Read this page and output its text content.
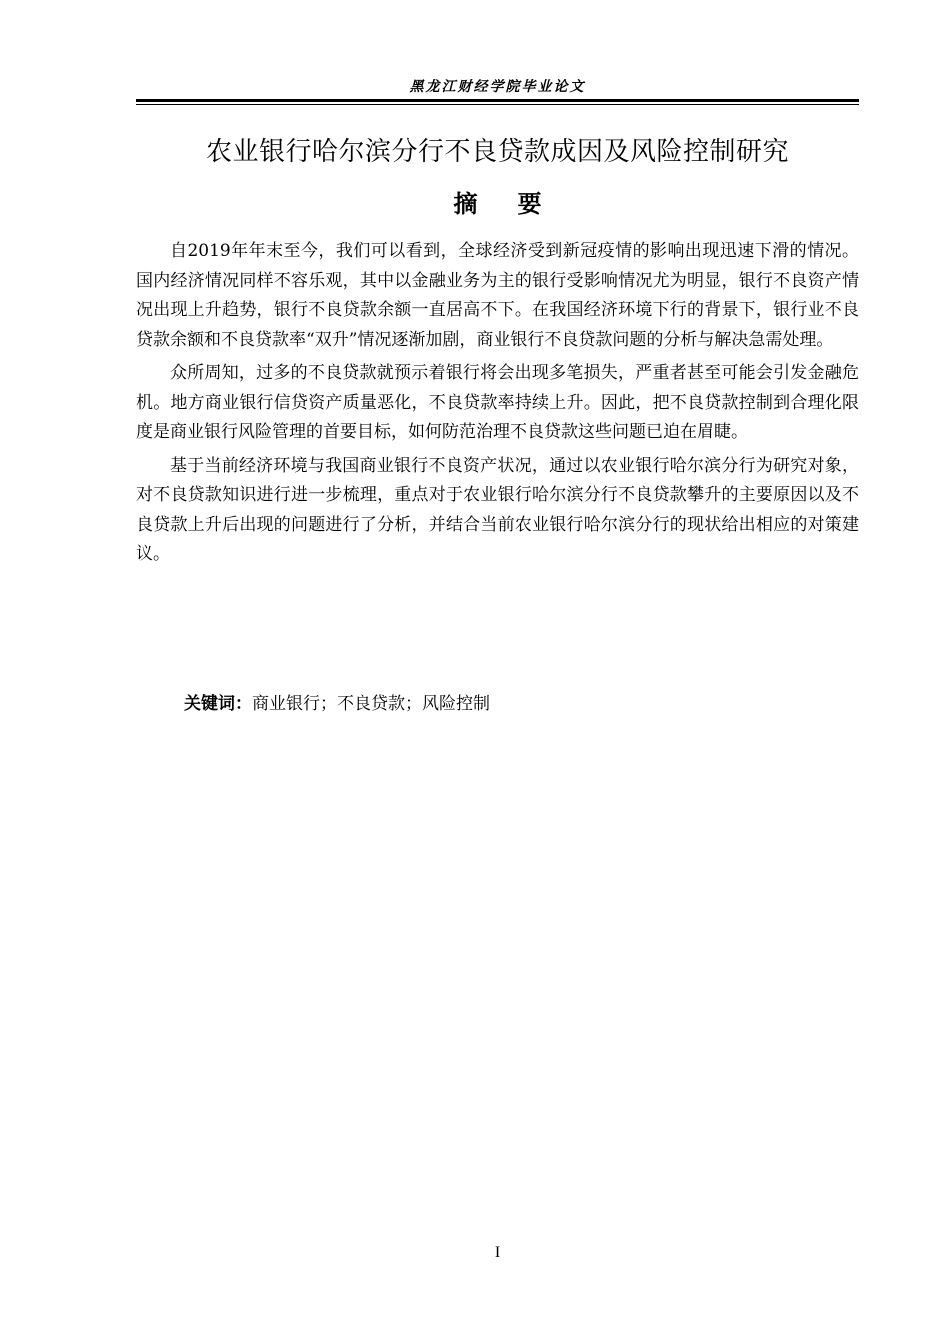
黑龙江财经学院毕业论文
农业银行哈尔滨分行不良贷款成因及风险控制研究
摘要

自2019年年末至今，我们可以看到，全球经济受到新冠疫情的影响出现迅速下滑的情况。国内经济情况同样不容乐观，其中以金融业务为主的银行受影响情况尤为明显，银行不良资产情况出现上升趋势，银行不良贷款余额一直居高不下。在我国经济环境下行的背景下，银行业不良贷款余额和不良贷款率“双升”情况逐渐加剧，商业银行不良贷款问题的分析与解决急需处理。

众所周知，过多的不良贷款就预示着银行将会出现多笔损失，严重者甚至可能会引发金融危机。地方商业银行信贷资产质量恶化，不良贷款率持续上升。因此，把不良贷款控制到合理化限度是商业银行风险管理的首要目标，如何防范治理不良贷款这些问题已迫在眉睫。

基于当前经济环境与我国商业银行不良资产状况，通过以农业银行哈尔滨分行为研究对象，对不良贷款知识进行进一步梳理，重点对于农业银行哈尔滨分行不良贷款攀升的主要原因以及不良贷款上升后出现的问题进行了分析，并结合当前农业银行哈尔滨分行的现状给出相应的对策建议。

关键词：商业银行；不良贷款；风险控制
I
